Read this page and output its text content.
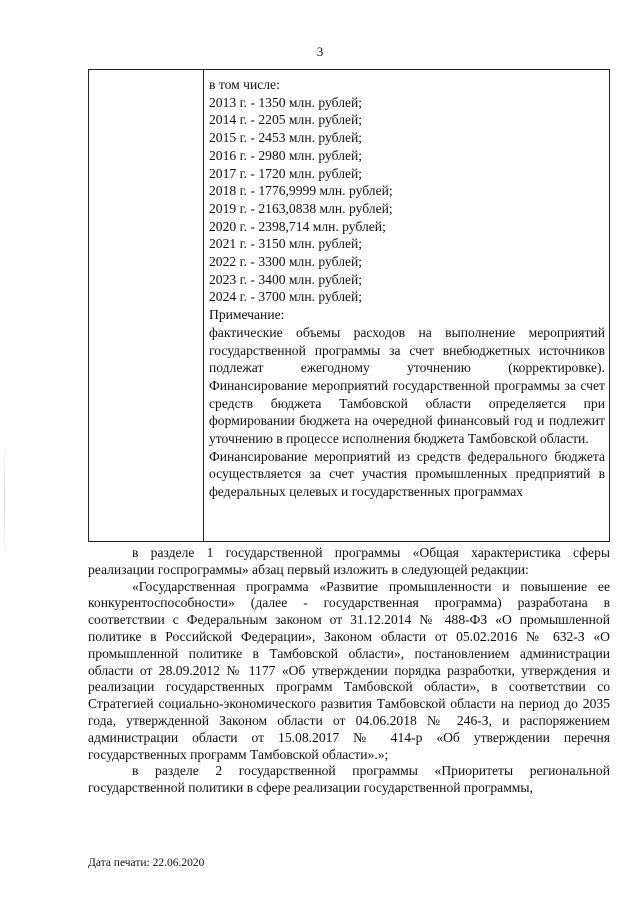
3
в том числе:
2013 г. - 1350 млн. рублей;
2014 г. - 2205 млн. рублей;
2015 г. - 2453 млн. рублей;
2016 г. - 2980 млн. рублей;
2017 г. - 1720 млн. рублей;
2018 г. - 1776,9999 млн. рублей;
2019 г. - 2163,0838 млн. рублей;
2020 г. - 2398,714 млн. рублей;
2021 г. - 3150 млн. рублей;
2022 г. - 3300 млн. рублей;
2023 г. - 3400 млн. рублей;
2024 г. - 3700 млн. рублей;
Примечание:
фактические объемы расходов на выполнение мероприятий государственной программы за счет внебюджетных источников подлежат ежегодному уточнению (корректировке).
Финансирование мероприятий государственной программы за счет средств бюджета Тамбовской области определяется при формировании бюджета на очередной финансовый год и подлежит уточнению в процессе исполнения бюджета Тамбовской области.
Финансирование мероприятий из средств федерального бюджета осуществляется за счет участия промышленных предприятий в федеральных целевых и государственных программах

в разделе 1 государственной программы «Общая характеристика сферы реализации госпрограммы» абзац первый изложить в следующей редакции:

«Государственная программа «Развитие промышленности и повышение ее конкурентоспособности» (далее - государственная программа) разработана в соответствии с Федеральным законом от 31.12.2014 № 488-ФЗ «О промышленной политике в Российской Федерации», Законом области от 05.02.2016 № 632-З «О промышленной политике в Тамбовской области», постановлением администрации области от 28.09.2012 № 1177 «Об утверждении порядка разработки, утверждения и реализации государственных программ Тамбовской области», в соответствии со Стратегией социально-экономического развития Тамбовской области на период до 2035 года, утвержденной Законом области от 04.06.2018 № 246-З, и распоряжением администрации области от 15.08.2017 № 414-р «Об утверждении перечня государственных программ Тамбовской области».»;

в разделе 2 государственной программы «Приоритеты региональной государственной политики в сфере реализации государственной программы,

Дата печати: 22.06.2020
